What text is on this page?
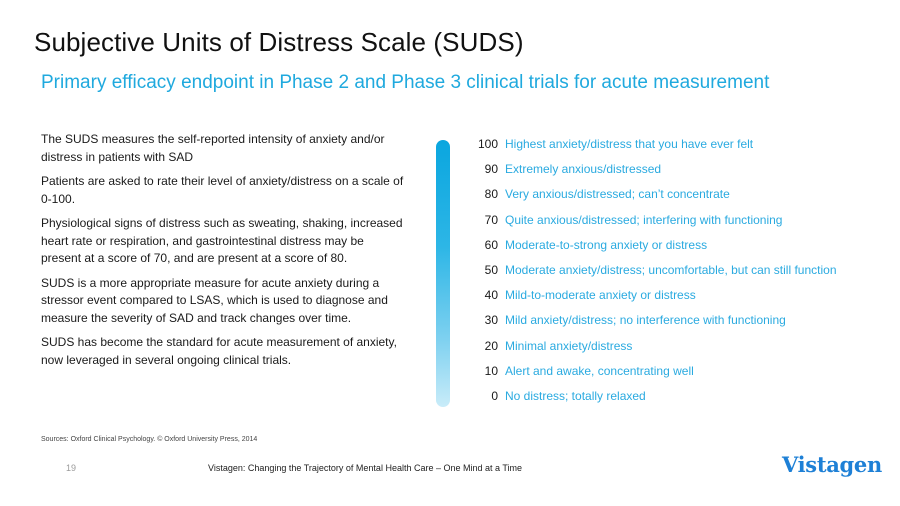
Subjective Units of Distress Scale (SUDS)
Primary efficacy endpoint in Phase 2 and Phase 3 clinical trials for acute measurement

The SUDS measures the self-reported intensity of anxiety and/or distress in patients with SAD

Patients are asked to rate their level of anxiety/distress on a scale of 0-100.

Physiological signs of distress such as sweating, shaking, increased heart rate or respiration, and gastrointestinal distress may be present at a score of 70, and are present at a score of 80.

SUDS is a more appropriate measure for acute anxiety during a stressor event compared to LSAS, which is used to diagnose and measure the severity of SAD and track changes over time.

SUDS has become the standard for acute measurement of anxiety, now leveraged in several ongoing clinical trials.

100 Highest anxiety/distress that you have ever felt
90 Extremely anxious/distressed
80 Very anxious/distressed; can’t concentrate
70 Quite anxious/distressed; interfering with functioning
60 Moderate-to-strong anxiety or distress
50 Moderate anxiety/distress; uncomfortable, but can still function
40 Mild-to-moderate anxiety or distress
30 Mild anxiety/distress; no interference with functioning
20 Minimal anxiety/distress
10 Alert and awake, concentrating well
0 No distress; totally relaxed
Sources: Oxford Clinical Psychology. © Oxford University Press, 2014
19	Vistagen: Changing the Trajectory of Mental Health Care – One Mind at a Time	Vistagen
